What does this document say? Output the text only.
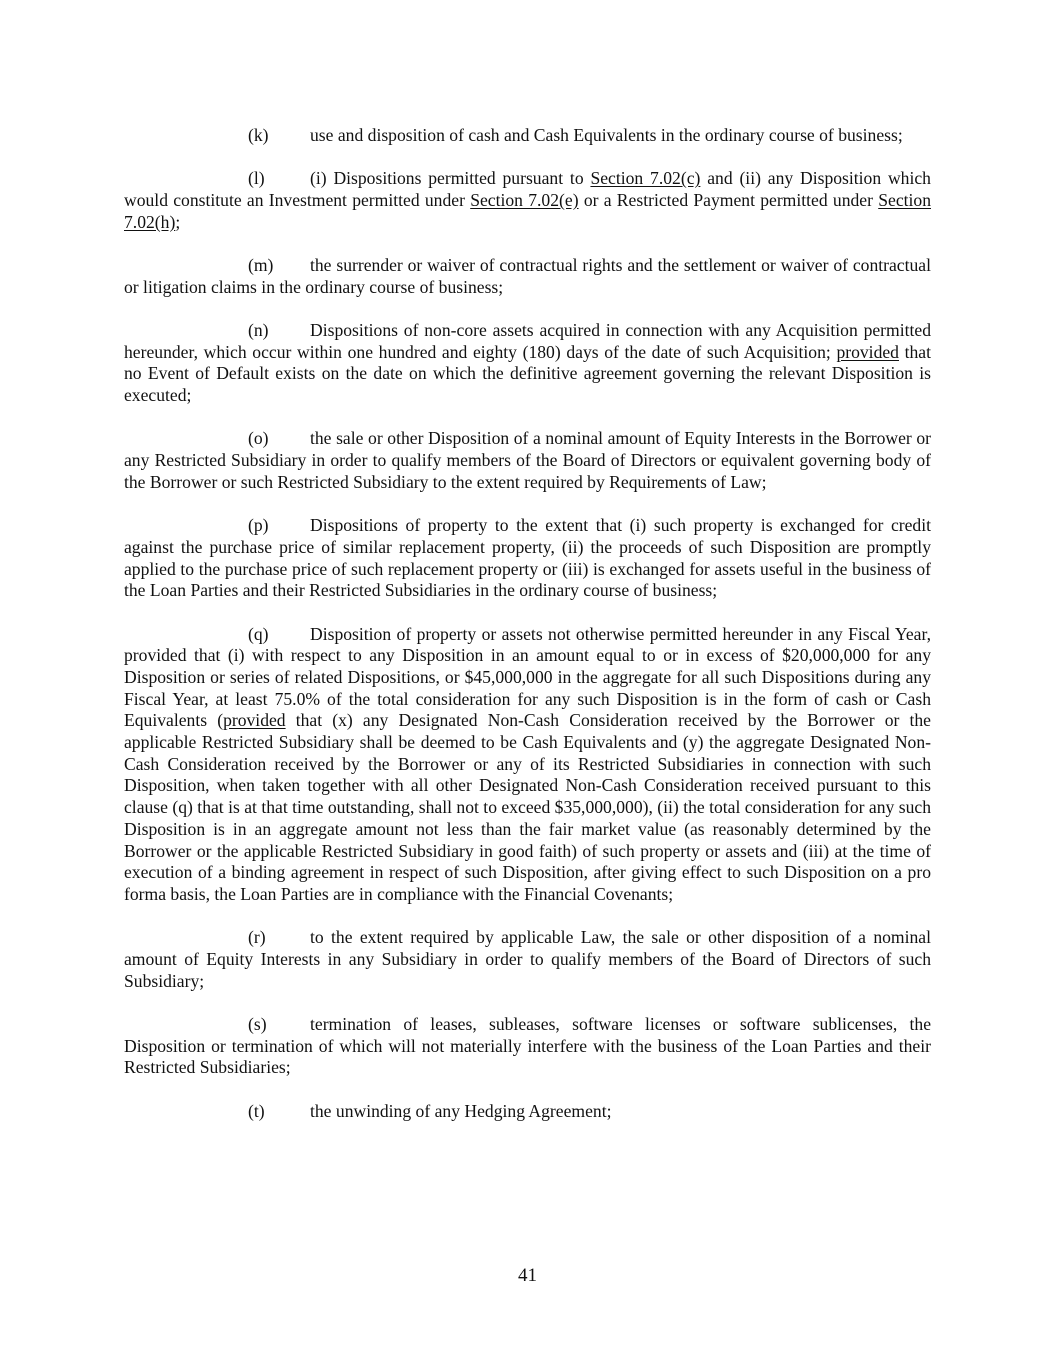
(k) use and disposition of cash and Cash Equivalents in the ordinary course of business;

(l)	(i) Dispositions permitted pursuant to Section 7.02(c) and (ii) any Disposition which would constitute an Investment permitted under Section 7.02(e) or a Restricted Payment permitted under Section 7.02(h);

(m) the surrender or waiver of contractual rights and the settlement or waiver of contractual or litigation claims in the ordinary course of business;

(n) Dispositions of non-core assets acquired in connection with any Acquisition permitted hereunder, which occur within one hundred and eighty (180) days of the date of such Acquisition; provided that no Event of Default exists on the date on which the definitive agreement governing the relevant Disposition is executed;

(o) the sale or other Disposition of a nominal amount of Equity Interests in the Borrower or any Restricted Subsidiary in order to qualify members of the Board of Directors or equivalent governing body of the Borrower or such Restricted Subsidiary to the extent required by Requirements of Law;

(p) Dispositions of property to the extent that (i) such property is exchanged for credit against the purchase price of similar replacement property, (ii) the proceeds of such Disposition are promptly applied to the purchase price of such replacement property or (iii) is exchanged for assets useful in the business of the Loan Parties and their Restricted Subsidiaries in the ordinary course of business;

(q) Disposition of property or assets not otherwise permitted hereunder in any Fiscal Year, provided that (i) with respect to any Disposition in an amount equal to or in excess of $20,000,000 for any Disposition or series of related Dispositions, or $45,000,000 in the aggregate for all such Dispositions during any Fiscal Year, at least 75.0% of the total consideration for any such Disposition is in the form of cash or Cash Equivalents (provided that (x) any Designated Non-Cash Consideration received by the Borrower or the applicable Restricted Subsidiary shall be deemed to be Cash Equivalents and (y) the aggregate Designated Non-Cash Consideration received by the Borrower or any of its Restricted Subsidiaries in connection with such Disposition, when taken together with all other Designated Non-Cash Consideration received pursuant to this clause (q) that is at that time outstanding, shall not to exceed $35,000,000), (ii) the total consideration for any such Disposition is in an aggregate amount not less than the fair market value (as reasonably determined by the Borrower or the applicable Restricted Subsidiary in good faith) of such property or assets and (iii) at the time of execution of a binding agreement in respect of such Disposition, after giving effect to such Disposition on a pro forma basis, the Loan Parties are in compliance with the Financial Covenants;

(r)	to the extent required by applicable Law, the sale or other disposition of a nominal amount of Equity Interests in any Subsidiary in order to qualify members of the Board of Directors of such Subsidiary;

(s) termination of leases, subleases, software licenses or software sublicenses, the Disposition or termination of which will not materially interfere with the business of the Loan Parties and their Restricted Subsidiaries;

(t)	the unwinding of any Hedging Agreement;

41
